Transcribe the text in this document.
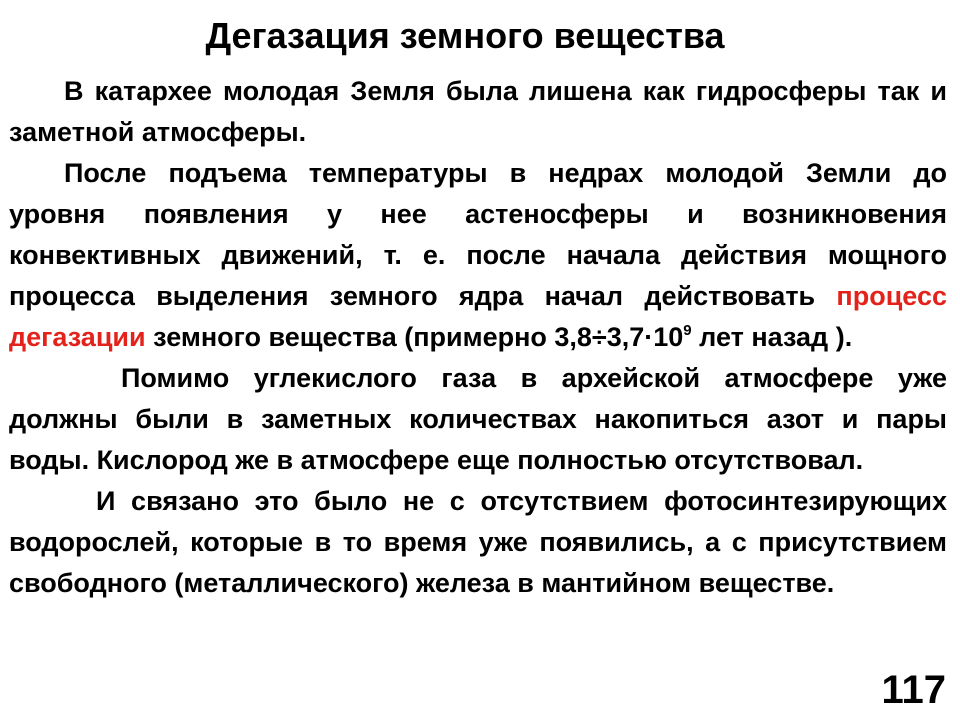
Дегазация земного вещества

В катархее молодая Земля была лишена как гидросферы так и заметной атмосферы.

После подъема температуры в недрах молодой Земли до уровня появления у нее астеносферы и возникновения конвективных движений, т. е. после начала действия мощного процесса выделения земного ядра начал действовать процесс дегазации земного вещества (примерно $3,8\div 3,7\cdot 10^9$ лет назад ).

Помимо углекислого газа в архейской атмосфере уже должны были в заметных количествах накопиться азот и пары воды. Кислород же в атмосфере еще полностью отсутствовал.

И связано это было не с отсутствием фотосинтезирующих водорослей, которые в то время уже появились, а с присутствием свободного (металлического) железа в мантийном веществе.

117
